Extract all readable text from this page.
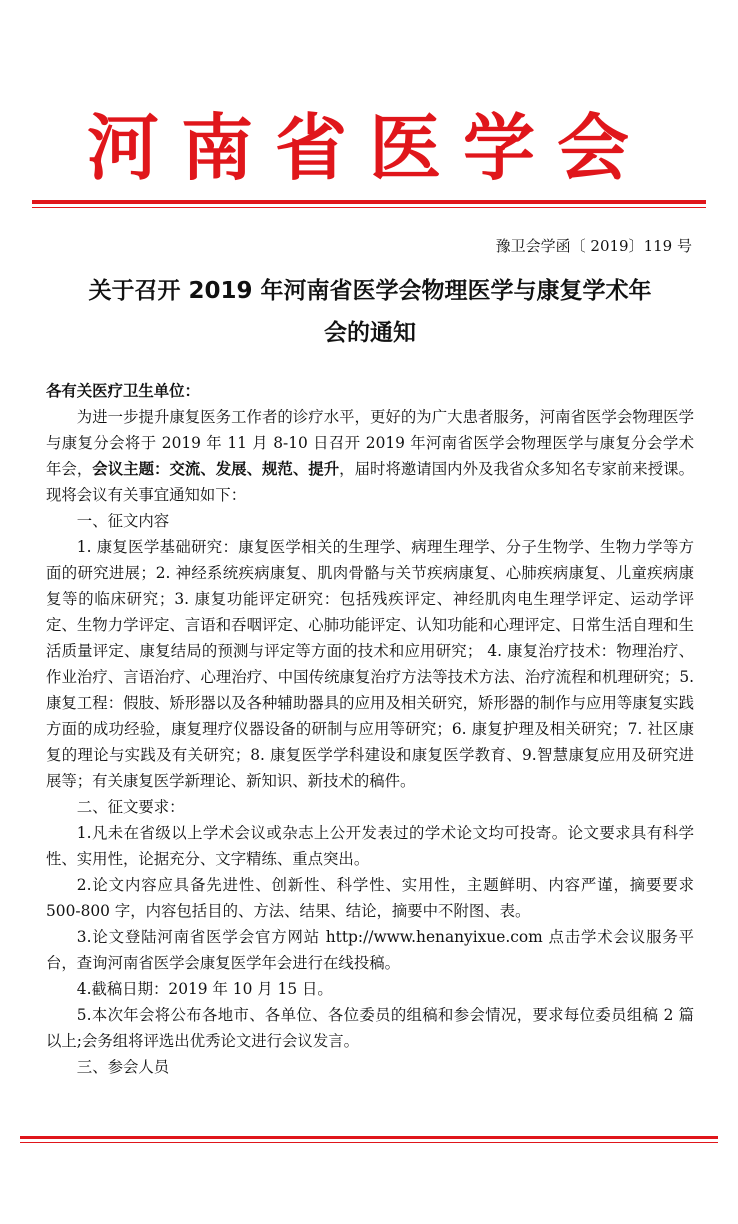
河南省医学会
豫卫会学函〔 2019〕119 号
关于召开 2019 年河南省医学会物理医学与康复学术年
会的通知

各有关医疗卫生单位：

为进一步提升康复医务工作者的诊疗水平，更好的为广大患者服务，河南省医学会物理医学与康复分会将于 2019 年 11 月 8-10 日召开 2019 年河南省医学会物理医学与康复分会学术年会，会议主题：交流、发展、规范、提升，届时将邀请国内外及我省众多知名专家前来授课。现将会议有关事宜通知如下：

一、征文内容

1. 康复医学基础研究：康复医学相关的生理学、病理生理学、分子生物学、生物力学等方面的研究进展；2. 神经系统疾病康复、肌肉骨骼与关节疾病康复、心肺疾病康复、儿童疾病康复等的临床研究；3. 康复功能评定研究：包括残疾评定、神经肌肉电生理学评定、运动学评定、生物力学评定、言语和吞咽评定、心肺功能评定、认知功能和心理评定、日常生活自理和生活质量评定、康复结局的预测与评定等方面的技术和应用研究； 4. 康复治疗技术：物理治疗、作业治疗、言语治疗、心理治疗、中国传统康复治疗方法等技术方法、治疗流程和机理研究；5. 康复工程：假肢、矫形器以及各种辅助器具的应用及相关研究，矫形器的制作与应用等康复实践方面的成功经验，康复理疗仪器设备的研制与应用等研究；6. 康复护理及相关研究；7. 社区康复的理论与实践及有关研究；8. 康复医学学科建设和康复医学教育、9.智慧康复应用及研究进展等；有关康复医学新理论、新知识、新技术的稿件。

二、征文要求：

1.凡未在省级以上学术会议或杂志上公开发表过的学术论文均可投寄。论文要求具有科学性、实用性，论据充分、文字精练、重点突出。

2.论文内容应具备先进性、创新性、科学性、实用性，主题鲜明、内容严谨，摘要要求 500-800 字，内容包括目的、方法、结果、结论，摘要中不附图、表。

3.论文登陆河南省医学会官方网站 http://www.henanyixue.com 点击学术会议服务平台，查询河南省医学会康复医学年会进行在线投稿。

4.截稿日期：2019 年 10 月 15 日。

5.本次年会将公布各地市、各单位、各位委员的组稿和参会情况，要求每位委员组稿 2 篇以上;会务组将评选出优秀论文进行会议发言。

三、参会人员
